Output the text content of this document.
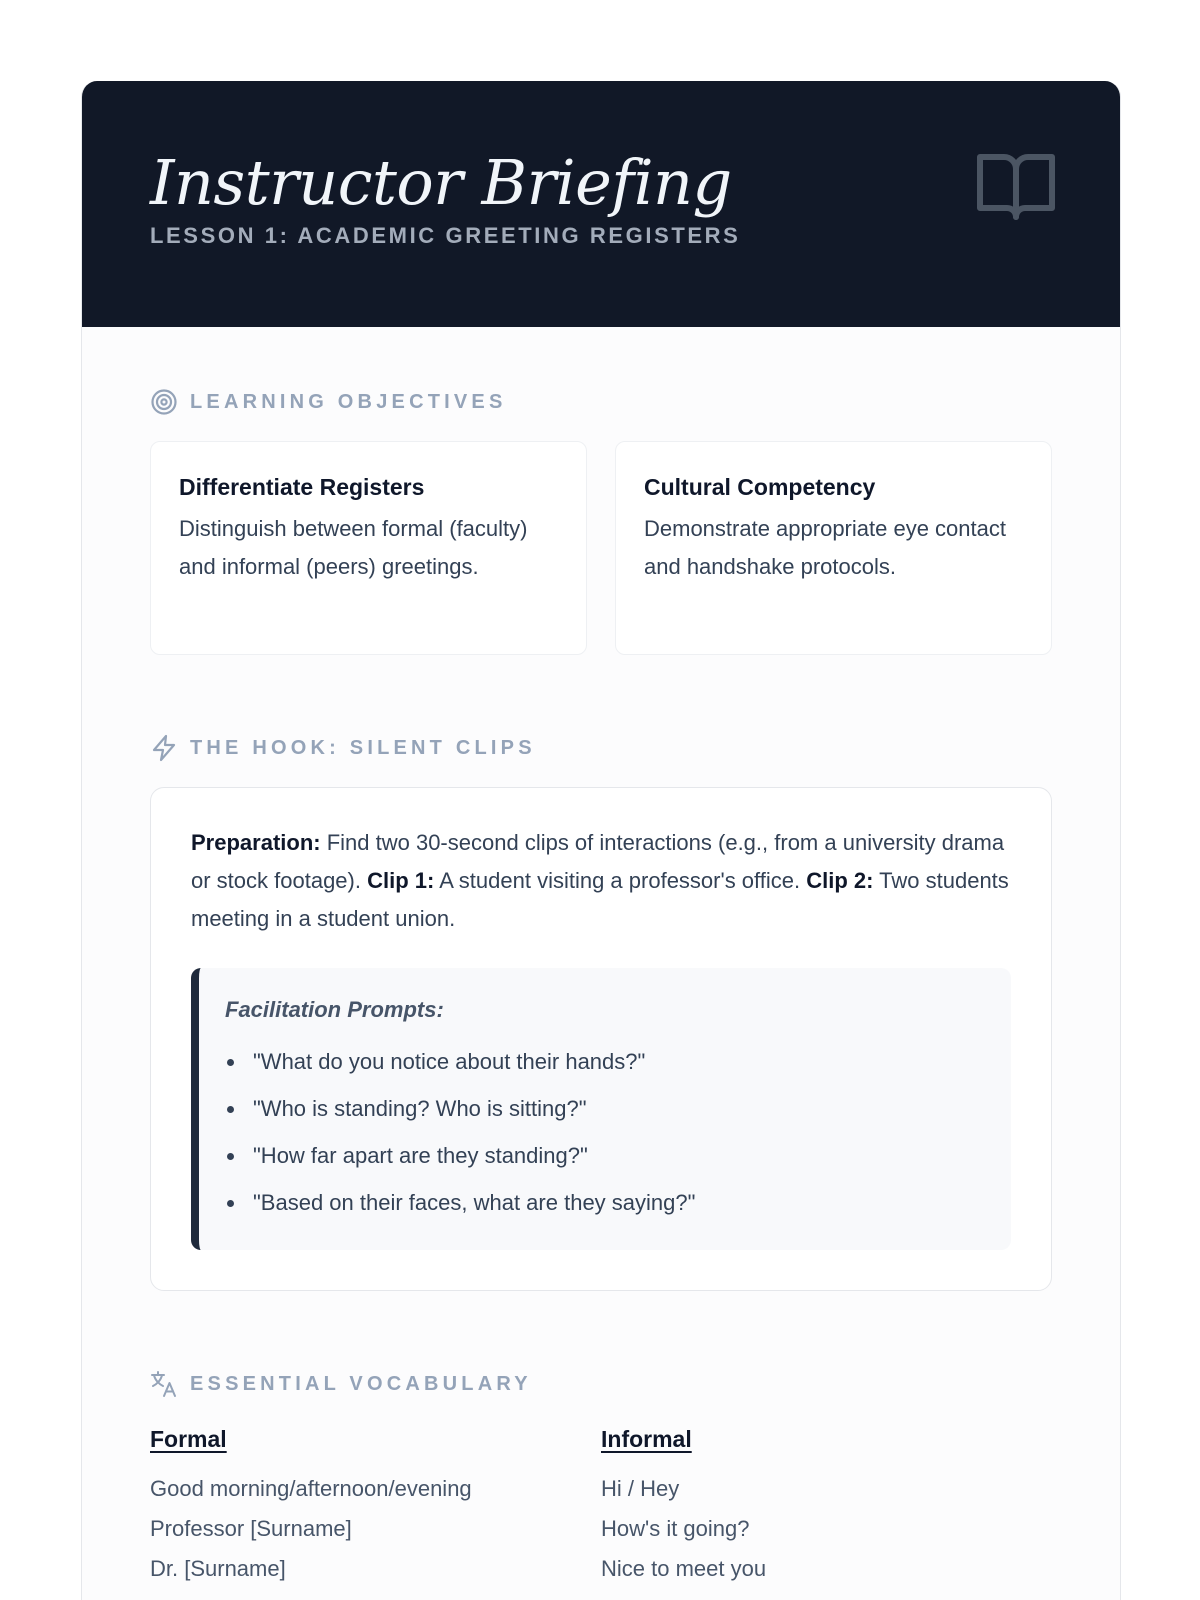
Instructor Briefing
LESSON 1: ACADEMIC GREETING REGISTERS
LEARNING OBJECTIVES
Differentiate Registers
Distinguish between formal (faculty) and informal (peers) greetings.
Cultural Competency
Demonstrate appropriate eye contact and handshake protocols.
THE HOOK: SILENT CLIPS

Preparation: Find two 30-second clips of interactions (e.g., from a university drama or stock footage). Clip 1: A student visiting a professor's office. Clip 2: Two students meeting in a student union.

Facilitation Prompts:
"What do you notice about their hands?"
"Who is standing? Who is sitting?"
"How far apart are they standing?"
"Based on their faces, what are they saying?"
ESSENTIAL VOCABULARY
Formal
Good morning/afternoon/evening
Professor [Surname]
Dr. [Surname]
Informal
Hi / Hey
How's it going?
Nice to meet you
